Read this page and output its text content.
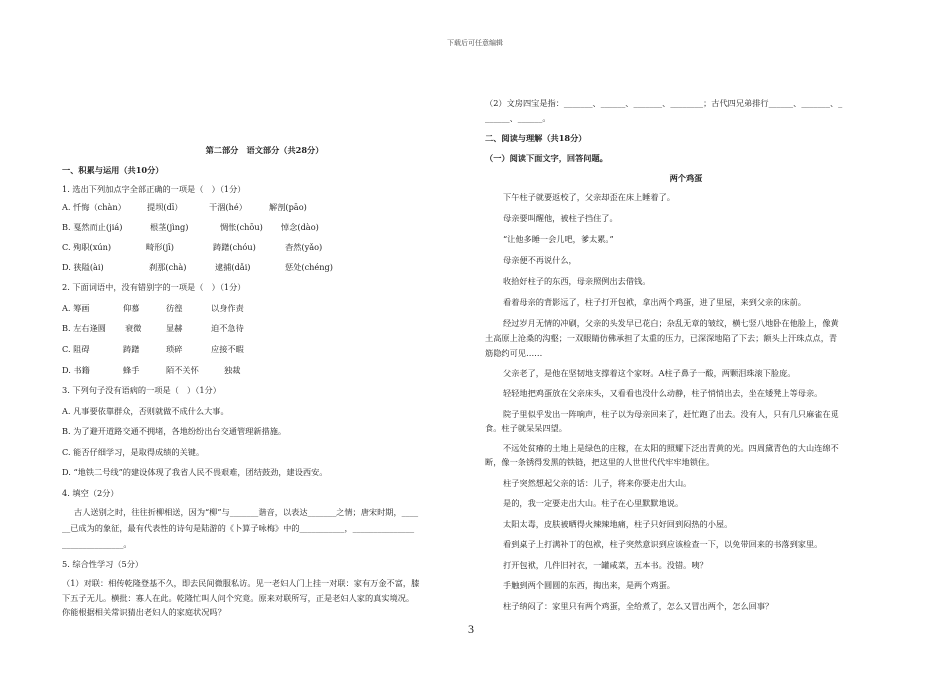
下载后可任意编辑
第二部分　语文部分（共28分）
一、积累与运用（共10分）
1. 选出下列加点字全部正确的一项是（　）（1分）
A. 忏悔（chàn）	提坝(dī）	干涸(hé）	解剖(pāo)
B. 戛然而止(jiá)	根茎(jìng)	惆怅(chōu)	悼念(dào)
C. 殉职(xún)	畸形(jī)	踌躇(chóu)	杳然(yǎo)
D. 狭隘(ài)	刹那(chà)	逮捕(dǎi)	惩处(chéng)
2. 下面词语中，没有错别字的一项是（　）（1分）
A. 筹画	仰慕	彷徨	以身作责
B. 左右逢圆	衰微	显赫	迫不急待
C. 阻碍	踌躇	琐碎	应接不暇
D. 书籍	蜂手	陌不关怀	独裁
3. 下列句子没有语病的一项是（　）（1分）
A. 凡事要依靠群众，否则就做不成什么大事。
B. 为了避开道路交通不拥堵，各地纷纷出台交通管理新措施。
C. 能否仔细学习，是取得成绩的关键。
D. “地铁二号线”的建设体现了我省人民不畏艰难，团结鼓劲，建设西安。
4. 填空（2分）
古人送别之时，往往折柳相送，因为“柳”与_______谐音，以表达_______之情；唐宋时期，____
__已成为的象征，最有代表性的诗句是陆游的《卜算子咏梅》中的___________，_______________
_______________。
5. 综合性学习（5分）
（1）对联：相传乾隆登基不久，即去民间微服私访。见一老妇人门上挂一对联：家有万金不富，膝
下五子无儿。横批：寡人在此。乾隆忙叫人问个究竟。原来对联所写，正是老妇人家的真实境况。
你能根据相关常识猜出老妇人的家庭状况吗？
（2）文房四宝是指：_______、______、_______、________；古代四兄弟排行______、_______、_
______、______。
二、阅读与理解（共18分）
（一）阅读下面文字，回答问题。
两个鸡蛋
下午柱子就要返校了，父亲却歪在床上睡着了。
母亲要叫醒他，被柱子挡住了。
“让他多睡一会儿吧，爹太累。”
母亲便不再说什么，
收拾好柱子的东西，母亲照例出去借钱。
看着母亲的背影远了，柱子打开包袱，拿出两个鸡蛋，进了里屋，来到父亲的床前。
经过岁月无情的冲刷，父亲的头发早已花白；杂乱无章的皱纹，横七竖八地卧在他脸上，像黄
土高原上沧桑的沟壑；一双眼睛仿佛承担了太重的压力，已深深地陷了下去；额头上汗珠点点，青
筋隐约可见……
父亲老了，是他在坚韧地支撑着这个家呀。A柱子鼻子一酸，两颗泪珠滚下脸庞。
轻轻地把鸡蛋放在父亲床头，又看看也没什么动静，柱子悄悄出去，坐在矮凳上等母亲。
院子里似乎发出一阵响声，柱子以为母亲回来了，赶忙跑了出去。没有人，只有几只麻雀在觅
食。柱子就呆呆四望。
不远处贫瘠的土地上是绿色的庄稼，在太阳的照耀下泛出青黄的光。四周黛青色的大山连绵不
断，像一条锈得发黑的铁链，把这里的人世世代代牢牢地锁住。
柱子突然想起父亲的话：儿子，将来你要走出大山。
是的，我一定要走出大山。柱子在心里默默地说。
太阳太毒，皮肤被晒得火辣辣地痛，柱子只好回到闷热的小屋。
看到桌子上打满补丁的包袱，柱子突然意识到应该检查一下，以免带回来的书落到家里。
打开包袱，几件旧衬衣，一罐咸菜，五本书。没错。咦？
手触到两个圆圆的东西，掏出来，是两个鸡蛋。
柱子纳闷了：家里只有两个鸡蛋，全给煮了，怎么又冒出两个，怎么回事？
3
